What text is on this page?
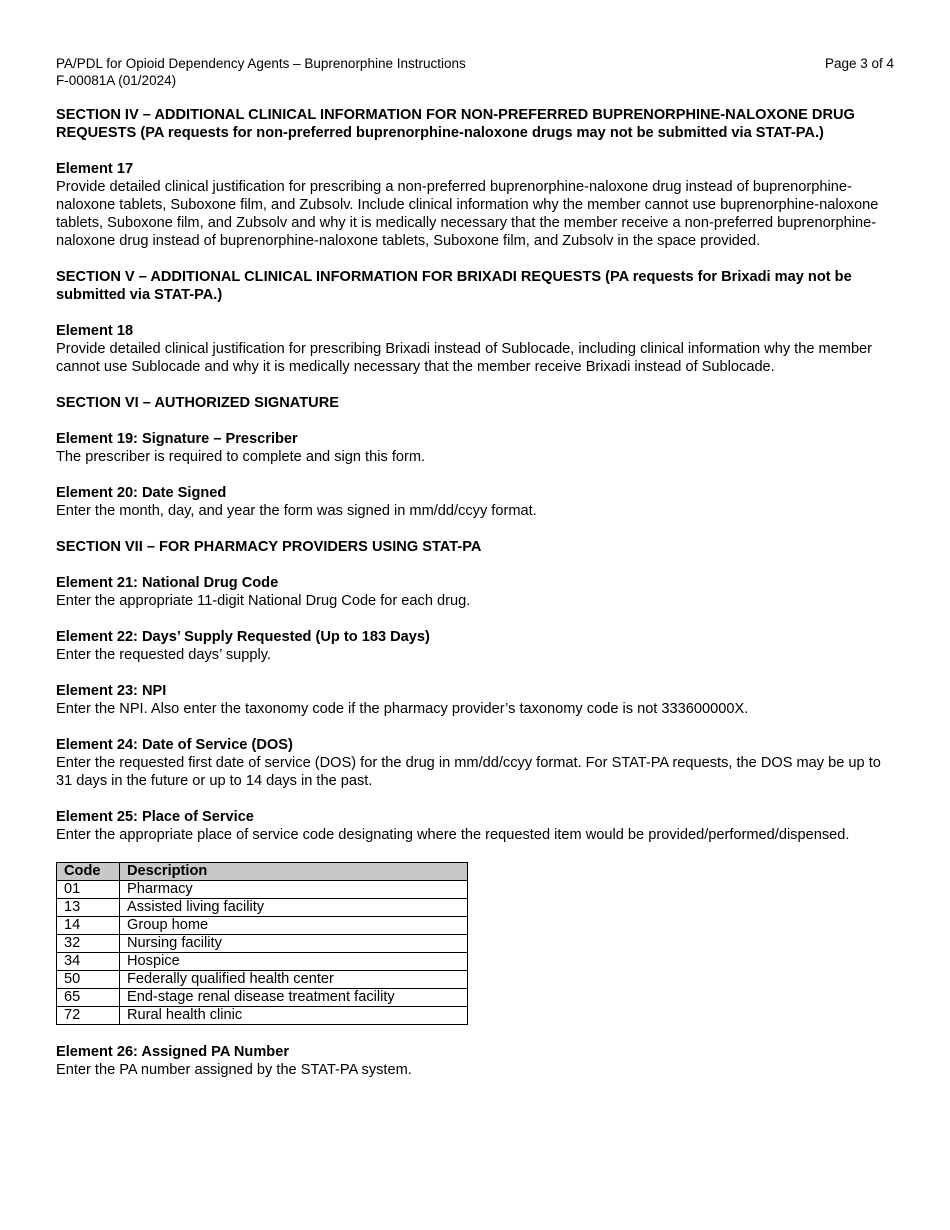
PA/PDL for Opioid Dependency Agents – Buprenorphine Instructions	Page 3 of 4
F-00081A (01/2024)
SECTION IV – ADDITIONAL CLINICAL INFORMATION FOR NON-PREFERRED BUPRENORPHINE-NALOXONE DRUG REQUESTS (PA requests for non-preferred buprenorphine-naloxone drugs may not be submitted via STAT-PA.)
Element 17

Provide detailed clinical justification for prescribing a non-preferred buprenorphine-naloxone drug instead of buprenorphine-naloxone tablets, Suboxone film, and Zubsolv. Include clinical information why the member cannot use buprenorphine-naloxone tablets, Suboxone film, and Zubsolv and why it is medically necessary that the member receive a non-preferred buprenorphine-naloxone drug instead of buprenorphine-naloxone tablets, Suboxone film, and Zubsolv in the space provided.

SECTION V – ADDITIONAL CLINICAL INFORMATION FOR BRIXADI REQUESTS (PA requests for Brixadi may not be submitted via STAT-PA.)
Element 18

Provide detailed clinical justification for prescribing Brixadi instead of Sublocade, including clinical information why the member cannot use Sublocade and why it is medically necessary that the member receive Brixadi instead of Sublocade.

SECTION VI – AUTHORIZED SIGNATURE
Element 19: Signature – Prescriber

The prescriber is required to complete and sign this form.

Element 20: Date Signed

Enter the month, day, and year the form was signed in mm/dd/ccyy format.

SECTION VII – FOR PHARMACY PROVIDERS USING STAT-PA
Element 21: National Drug Code

Enter the appropriate 11-digit National Drug Code for each drug.

Element 22: Days’ Supply Requested (Up to 183 Days)

Enter the requested days’ supply.

Element 23: NPI

Enter the NPI. Also enter the taxonomy code if the pharmacy provider’s taxonomy code is not 333600000X.

Element 24: Date of Service (DOS)

Enter the requested first date of service (DOS) for the drug in mm/dd/ccyy format. For STAT-PA requests, the DOS may be up to 31 days in the future or up to 14 days in the past.

Element 25: Place of Service

Enter the appropriate place of service code designating where the requested item would be provided/performed/dispensed.

Code	Description
01	Pharmacy
13	Assisted living facility
14	Group home
32	Nursing facility
34	Hospice
50	Federally qualified health center
65	End-stage renal disease treatment facility
72	Rural health clinic
Element 26: Assigned PA Number

Enter the PA number assigned by the STAT-PA system.
